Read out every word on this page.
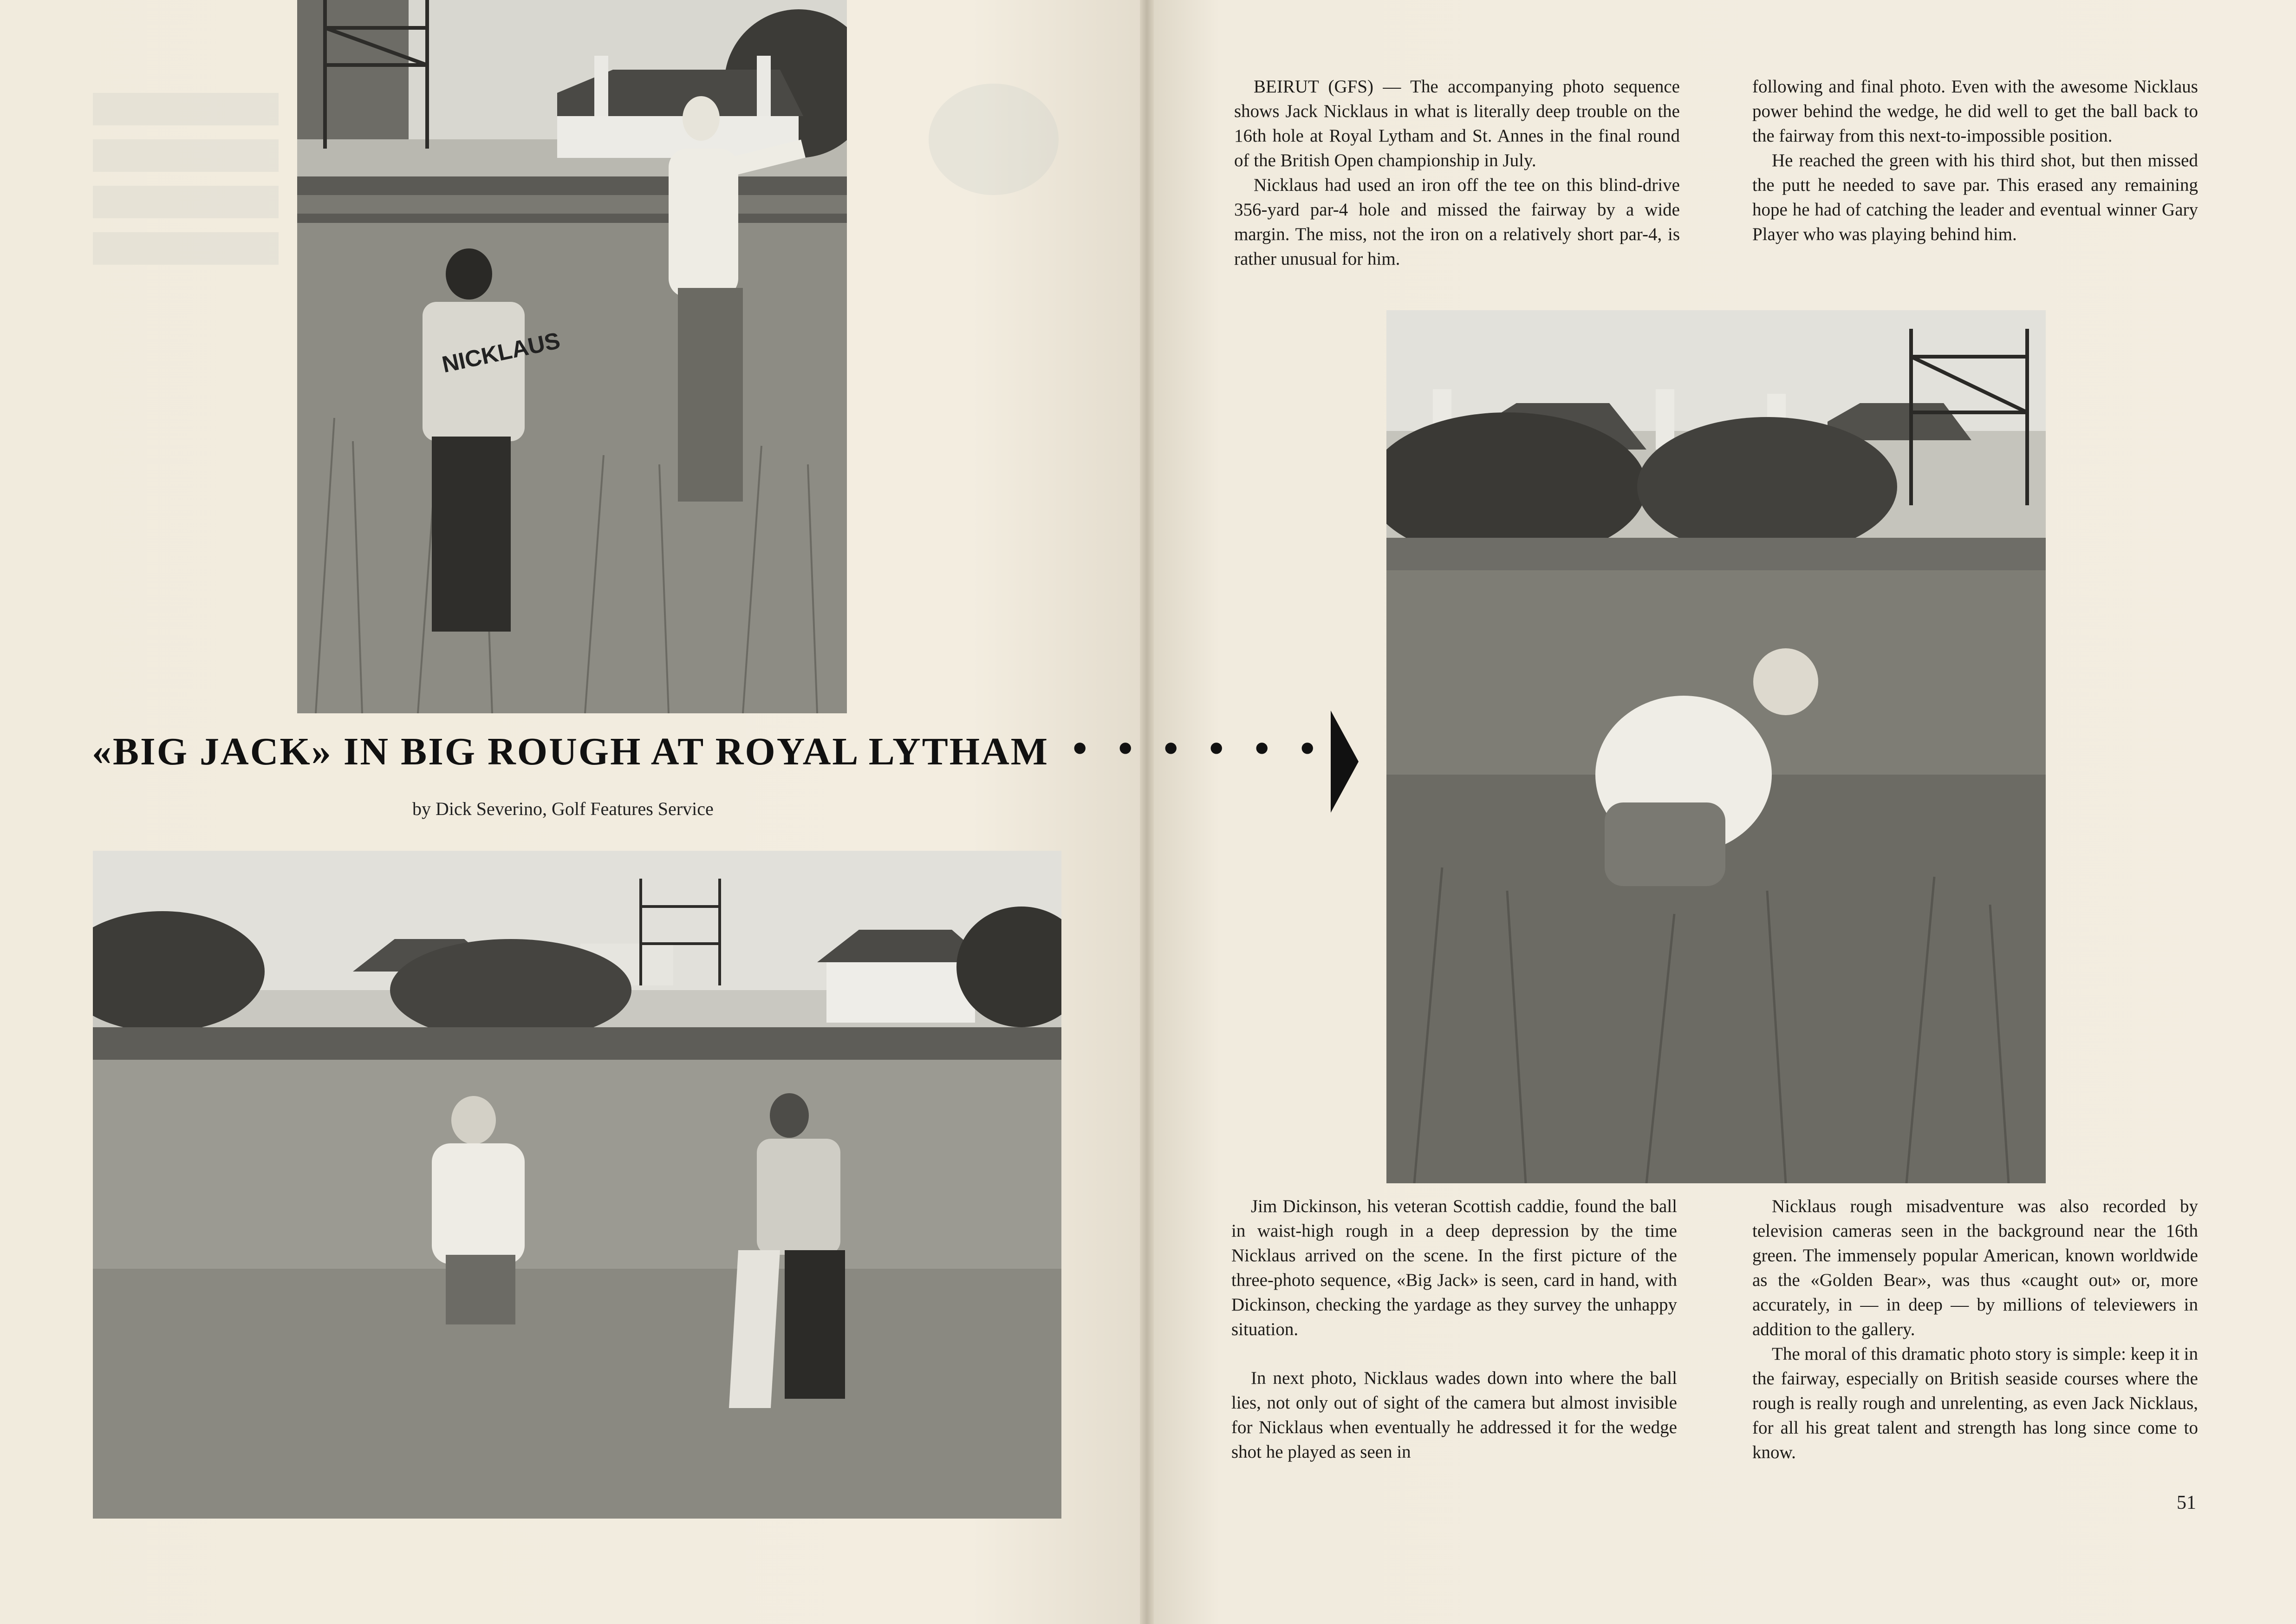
NICKLAUS
«BIG JACK» IN BIG ROUGH AT ROYAL LYTHAM • • • • • •
by Dick Severino, Golf Features Service

BEIRUT (GFS) — The accompanying photo sequence shows Jack Nicklaus in what is literally deep trouble on the 16th hole at Royal Lytham and St. Annes in the final round of the British Open championship in July.

Nicklaus had used an iron off the tee on this blind-drive 356-yard par-4 hole and missed the fairway by a wide margin. The miss, not the iron on a relatively short par-4, is rather unusual for him.

following and final photo. Even with the awesome Nicklaus power behind the wedge, he did well to get the ball back to the fairway from this next-to-impossible position.

He reached the green with his third shot, but then missed the putt he needed to save par. This erased any remaining hope he had of catching the leader and eventual winner Gary Player who was playing behind him.

Jim Dickinson, his veteran Scottish caddie, found the ball in waist-high rough in a deep depression by the time Nicklaus arrived on the scene. In the first picture of the three-photo sequence, «Big Jack» is seen, card in hand, with Dickinson, checking the yardage as they survey the unhappy situation.

In next photo, Nicklaus wades down into where the ball lies, not only out of sight of the camera but almost invisible for Nicklaus when eventually he addressed it for the wedge shot he played as seen in

Nicklaus rough misadventure was also recorded by television cameras seen in the background near the 16th green. The immensely popular American, known worldwide as the «Golden Bear», was thus «caught out» or, more accurately, in — in deep — by millions of televiewers in addition to the gallery.

The moral of this dramatic photo story is simple: keep it in the fairway, especially on British seaside courses where the rough is really rough and unrelenting, as even Jack Nicklaus, for all his great talent and strength has long since come to know.

51
